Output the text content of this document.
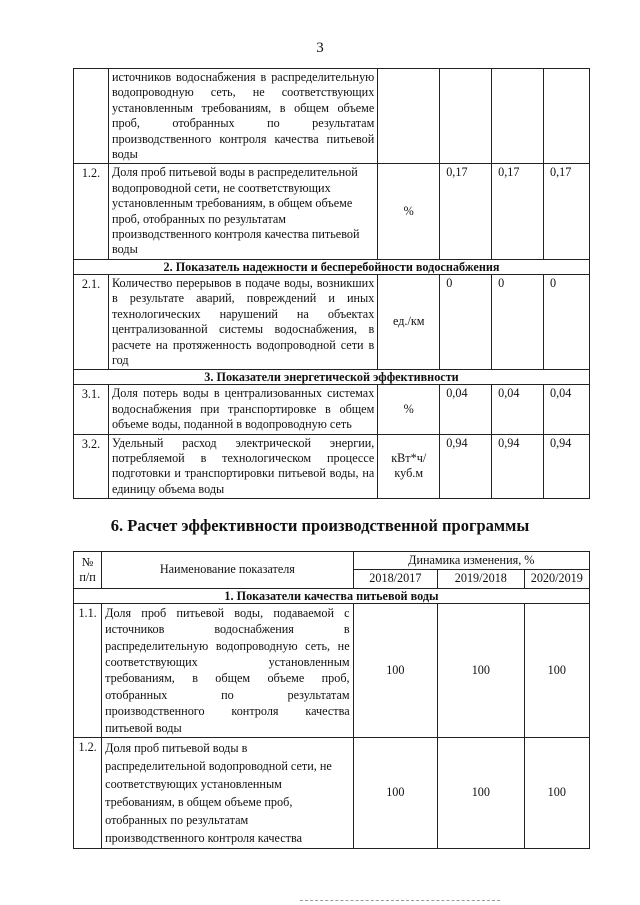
3
	источников водоснабжения в распределительную водопроводную сеть, не соответствующих установленным требованиям, в общем объеме проб, отобранных по результатам производственного контроля качества питьевой воды				
1.2.	Доля проб питьевой воды в распределительной водопроводной сети, не соответствующих установленным требованиям, в общем объеме проб, отобранных по результатам производственного контроля качества питьевой воды	%	0,17	0,17	0,17
2. Показатель надежности и бесперебойности водоснабжения					
2.1.	Количество перерывов в подаче воды, возникших в результате аварий, повреждений и иных технологических нарушений на объектах централизованной системы водоснабжения, в расчете на протяженность водопроводной сети в год	ед./км	0	0	0
3. Показатели энергетической эффективности					
3.1.	Доля потерь воды в централизованных системах водоснабжения при транспортировке в общем объеме воды, поданной в водопроводную сеть	%	0,04	0,04	0,04
3.2.	Удельный расход электрической энергии, потребляемой в технологическом процессе подготовки и транспортировки питьевой воды, на единицу объема воды	кВт*ч/ куб.м	0,94	0,94	0,94
6. Расчет эффективности производственной программы
№ п/п	Наименование показателя	Динамика изменения, %		
		2018/2017	2019/2018	2020/2019
1. Показатели качества питьевой воды				
1.1.	Доля проб питьевой воды, подаваемой с источников водоснабжения в распределительную водопроводную сеть, не соответствующих установленным требованиям, в общем объеме проб, отобранных по результатам производственного контроля качества питьевой воды	100	100	100
1.2.	Доля проб питьевой воды в распределительной водопроводной сети, не соответствующих установленным требованиям, в общем объеме проб, отобранных по результатам производственного контроля качества	100	100	100
